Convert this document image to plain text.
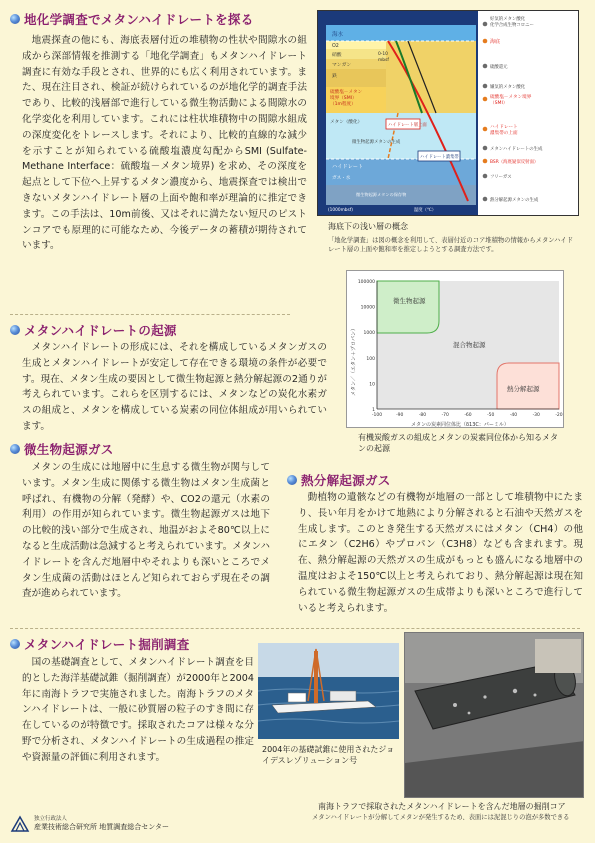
地化学調査でメタンハイドレートを探る
地震探査の他にも、海底表層付近の堆積物の性状や間隙水の組成から深部情報を推測する「地化学調査」もメタンハイドレート調査に有効な手段とされ、世界的にも広く利用されています。また、現在注目され、検証が続けられているのが地化学的調査手法であり、比較的浅層部で進行している微生物活動による間隙水の化学変化を利用しています。これには柱状堆積物中の間隙水組成の深度変化をトレースします。それにより、比較的直線的な減少を示すことが知られている硫酸塩濃度勾配からSMI (Sulfate-Methane Interface：硫酸塩－メタン境界) を求め、その深度を起点として下位へ上昇するメタン濃度から、地震探査では検出できないメタンハイドレート層の上面や飽和率が理論的に推定できます。この手法は、10m前後、又はそれに満たない短尺のピストンコアでも原理的に可能なため、今後データの蓄積が期待されています。
海水
O2
硝酸
マンガン
鉄
硫酸塩－メタン
境界（SMI）
（1m程度）
メタン（酸化）
ハイドレート層上面
ハイドレート濃集帯
ハイドレート
ガス・水
微生物起源メタンの生成
微生物起源メタンの保存物
0-10
mbsf
(1000mbsf)	温度（℃）
好気的メタン酸化
化学合成生物コロニー
海底
硫酸還元
嫌気的メタン酸化
硫酸塩－メタン境界
（SMI）
ハイドレート
濃集帯の上面
メタンハイドレートの生成
BSR（海底疑似反射面）
フリーガス
熱分解起源メタンの生成
海底下の浅い層の概念
「地化学調査」は図の概念を利用して、表層付近のコア堆積物の情報からメタンハイドレート層の上面や飽和率を推定しようとする調査方法です。
メタンハイドレートの起源
メタンハイドレートの形成には、それを構成しているメタンガスの生成とメタンハイドレートが安定して存在できる環境の条件が必要です。現在、メタン生成の要因として微生物起源と熱分解起源の2通りが考えられています。これらを区別するには、メタンなどの炭化水素ガスの組成と、メタンを構成している炭素の同位体組成が用いられています。
100000
10000
1000
100
10
1
-100	-90	-80	-70	-60	-50	-40	-30	-20
微生物起源
混合物起源
熱分解起源
メタンの炭素同位体比（δ13C：パーミル）
メタン／（エタン＋プロパン）
有機炭酸ガスの組成とメタンの炭素同位体から知るメタンの起源
微生物起源ガス
メタンの生成には地層中に生息する微生物が関与しています。メタン生成に関係する微生物はメタン生成菌と呼ばれ、有機物の分解（発酵）や、CO2の還元（水素の利用）の作用が知られています。微生物起源ガスは地下の比較的浅い部分で生成され、地温がおよそ80℃以上になると生成活動は急減すると考えられています。メタンハイドレートを含んだ地層中やそれよりも深いところでメタン生成菌の活動はほとんど知られておらず現在その調査が進められています。
熱分解起源ガス
動植物の遺骸などの有機物が地層の一部として堆積物中にたまり、長い年月をかけて地熱により分解されると石油や天然ガスを生成します。このとき発生する天然ガスにはメタン（CH4）の他にエタン（C2H6）やプロパン（C3H8）なども含まれます。現在、熱分解起源の天然ガスの生成がもっとも盛んになる地層中の温度はおよそ150℃以上と考えられており、熱分解起源は現在知られている微生物起源ガスの生成帯よりも深いところで進行していると考えられます。
メタンハイドレート掘削調査
国の基礎調査として、メタンハイドレート調査を目的とした海洋基礎試錐（掘削調査）が2000年と2004年に南海トラフで実施されました。南海トラフのメタンハイドレートは、一般に砂質層の粒子のすき間に存在しているのが特徴です。採取されたコアは様々な分野で分析され、メタンハイドレートの生成過程の推定や資源量の評価に利用されます。
2004年の基礎試錐に使用されたジョイデスレゾリューション号
南海トラフで採取されたメタンハイドレートを含んだ地層の掘削コア
メタンハイドレートが分解してメタンが発生するため、表面には泥混じりの泡が多数できる
独立行政法人
産業技術総合研究所 地質調査総合センター
